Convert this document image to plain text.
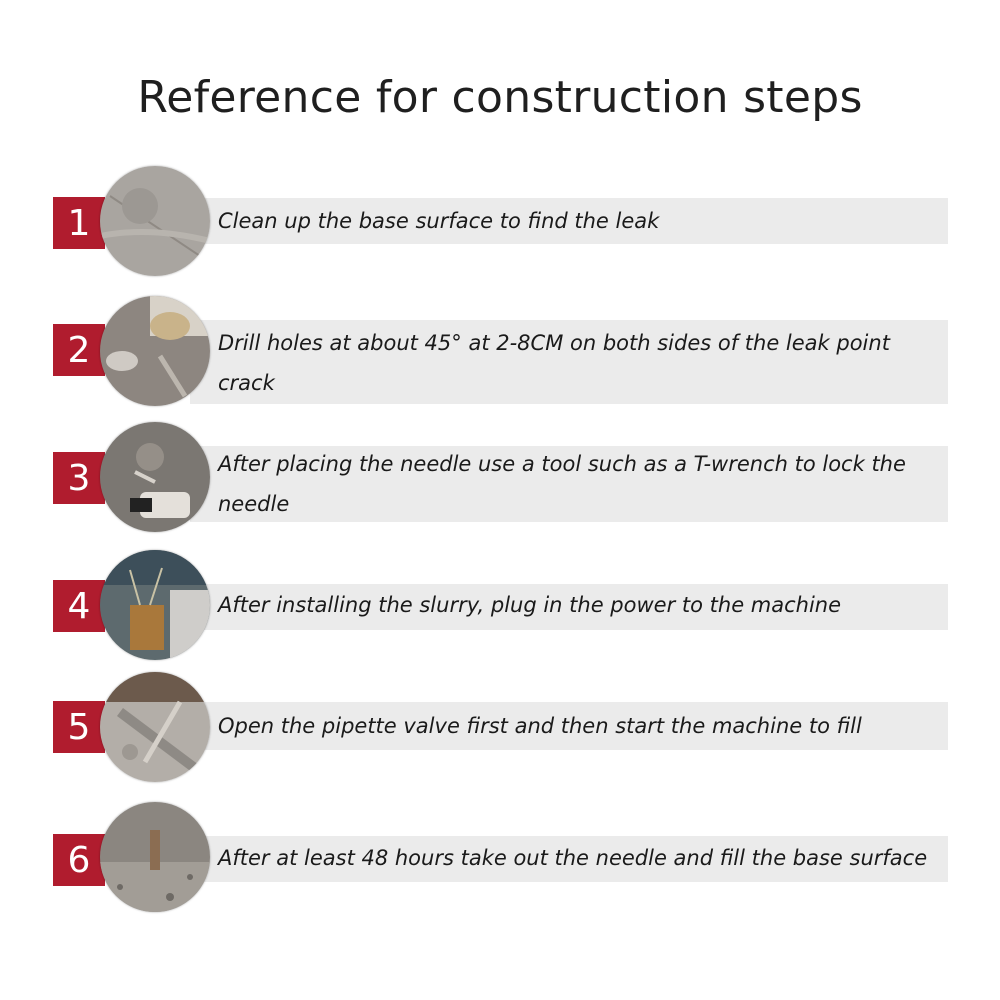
Reference for construction steps
1	Clean up the base surface to find the leak
2	Drill holes at about 45° at 2-8CM on both sides of the leak point crack
3	After placing the needle use a tool such as a T-wrench to lock the needle
4	After installing the slurry, plug in the power to the machine
5	Open the pipette valve first and then start the machine to fill
6	After at least 48 hours take out the needle and fill the base surface
